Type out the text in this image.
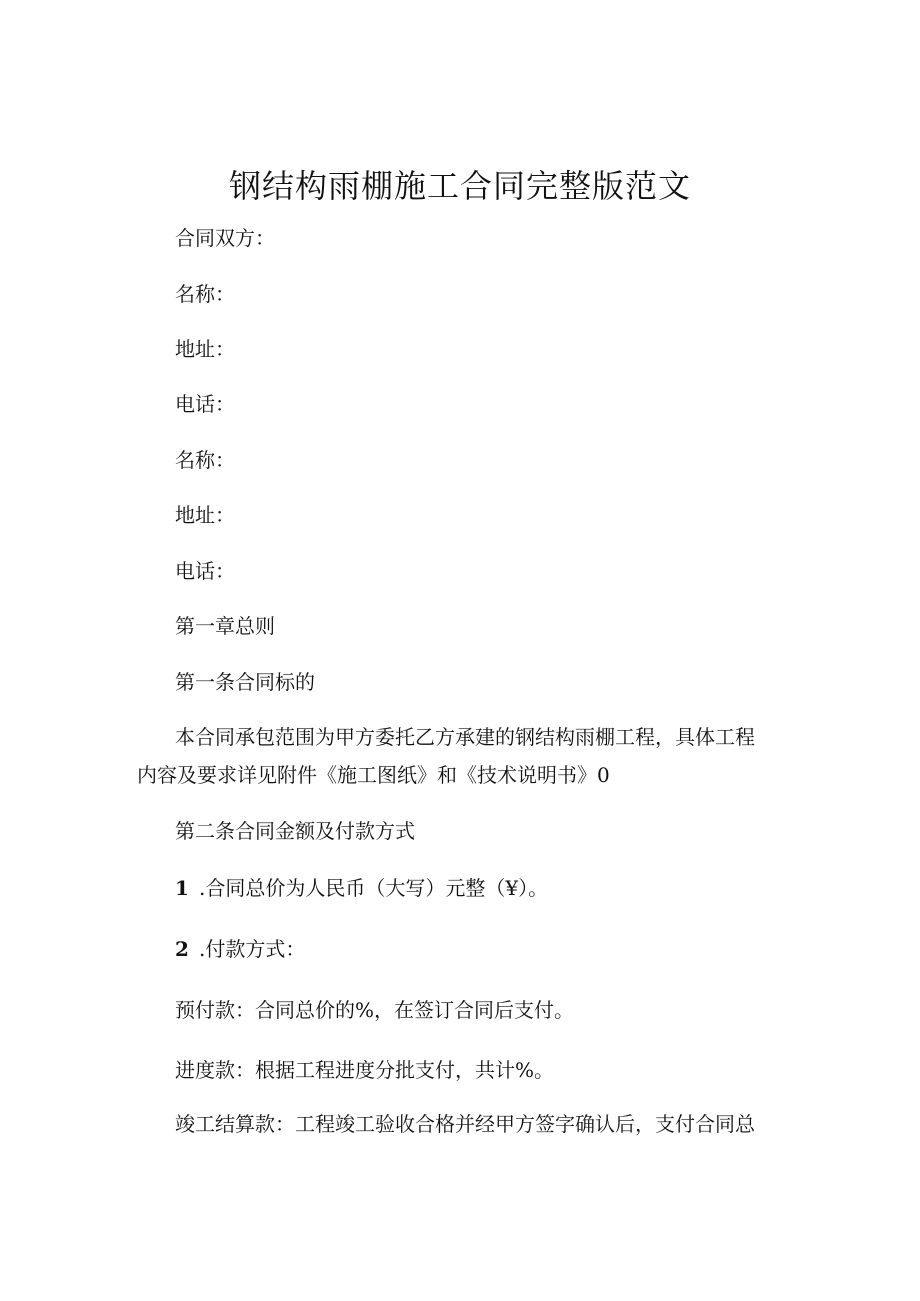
钢结构雨棚施工合同完整版范文

合同双方：

名称：

地址：

电话：

名称：

地址：

电话：

第一章总则

第一条合同标的

本合同承包范围为甲方委托乙方承建的钢结构雨棚工程，具体工程内容及要求详见附件《施工图纸》和《技术说明书》0

第二条合同金额及付款方式

1 .合同总价为人民币（大写）元整（¥）。

2 .付款方式：

预付款：合同总价的%，在签订合同后支付。

进度款：根据工程进度分批支付，共计%。

竣工结算款：工程竣工验收合格并经甲方签字确认后，支付合同总
